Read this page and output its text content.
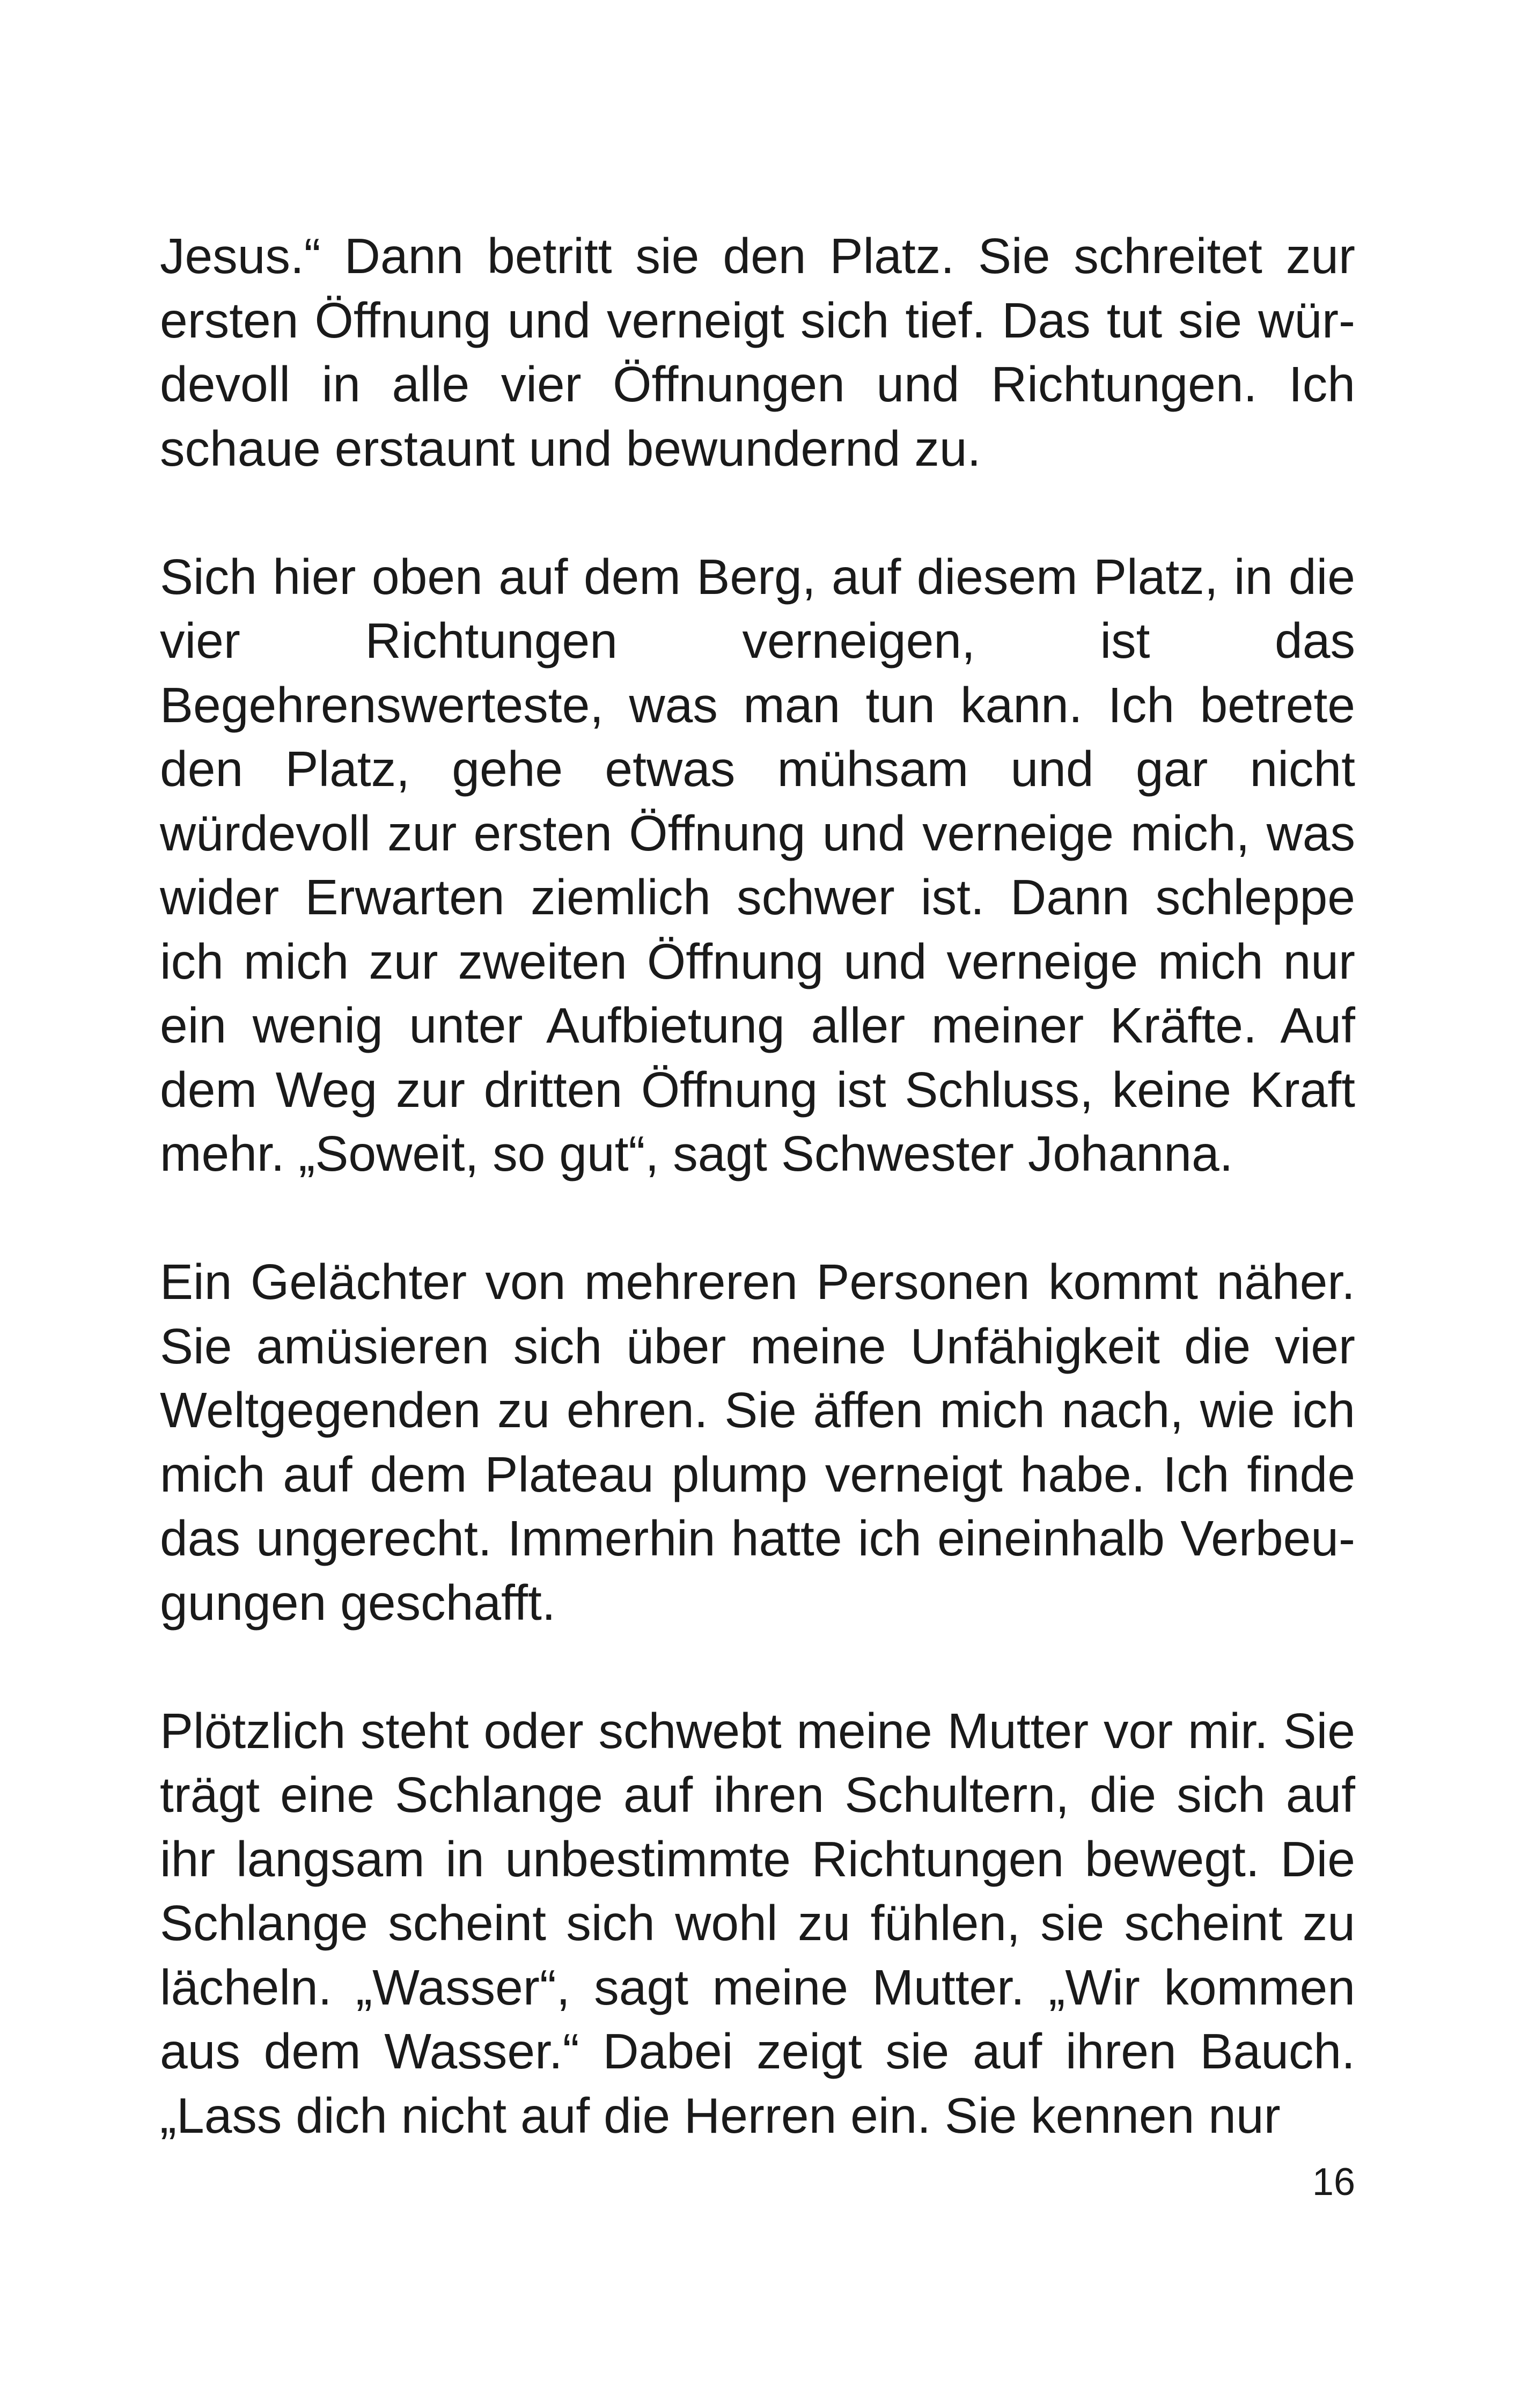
Jesus.“ Dann betritt sie den Platz. Sie schreitet zur ersten Öffnung und verneigt sich tief. Das tut sie würdevoll in alle vier Öffnungen und Richtungen. Ich schaue erstaunt und bewundernd zu.

Sich hier oben auf dem Berg, auf diesem Platz, in die vier Richtungen verneigen, ist das Begehrenswerteste, was man tun kann. Ich betrete den Platz, gehe etwas mühsam und gar nicht würdevoll zur ersten Öffnung und verneige mich, was wider Erwarten ziemlich schwer ist. Dann schleppe ich mich zur zweiten Öffnung und verneige mich nur ein wenig unter Aufbietung aller meiner Kräfte. Auf dem Weg zur dritten Öffnung ist Schluss, keine Kraft mehr. „Soweit, so gut“, sagt Schwester Johanna.

Ein Gelächter von mehreren Personen kommt näher. Sie amüsieren sich über meine Unfähigkeit die vier Weltgegenden zu ehren. Sie äffen mich nach, wie ich mich auf dem Plateau plump verneigt habe. Ich finde das ungerecht. Immerhin hatte ich eineinhalb Verbeugungen geschafft.

Plötzlich steht oder schwebt meine Mutter vor mir. Sie trägt eine Schlange auf ihren Schultern, die sich auf ihr langsam in unbestimmte Richtungen bewegt. Die Schlange scheint sich wohl zu fühlen, sie scheint zu lächeln. „Wasser“, sagt meine Mutter. „Wir kommen aus dem Wasser.“ Dabei zeigt sie auf ihren Bauch. „Lass dich nicht auf die Herren ein. Sie kennen nur

16
